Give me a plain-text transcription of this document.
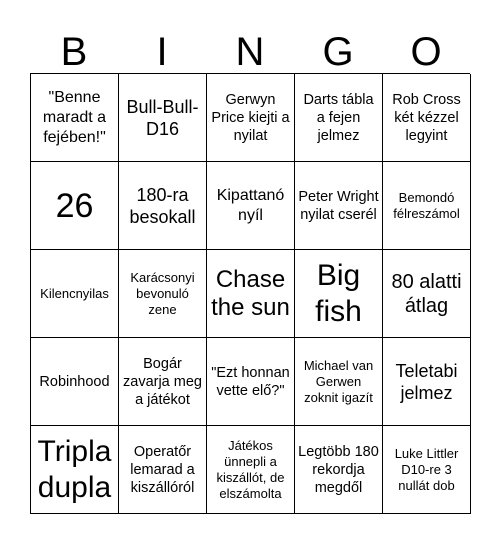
B	I	N	G	O
"Benne maradt a fejében!"
Bull-Bull-D16
Gerwyn Price kiejti a nyilat
Darts tábla a fejen jelmez
Rob Cross két kézzel legyint
26	180-ra besokall
Kipattanó nyíl
Peter Wright nyilat cserél
Bemondó félreszámol
Kilencnyilas
Karácsonyi bevonuló zene
Chase the sun
Big fish
80 alatti átlag
Robinhood
Bogár zavarja meg a játékot
"Ezt honnan vette elő?"
Michael van Gerwen zoknit igazít
Teletabi jelmez
Tripla dupla
Operatőr lemarad a kiszállóról
Játékos ünnepli a kiszállót, de elszámolta
Legtöbb 180 rekordja megdől
Luke Littler D10-re 3 nullát dob
